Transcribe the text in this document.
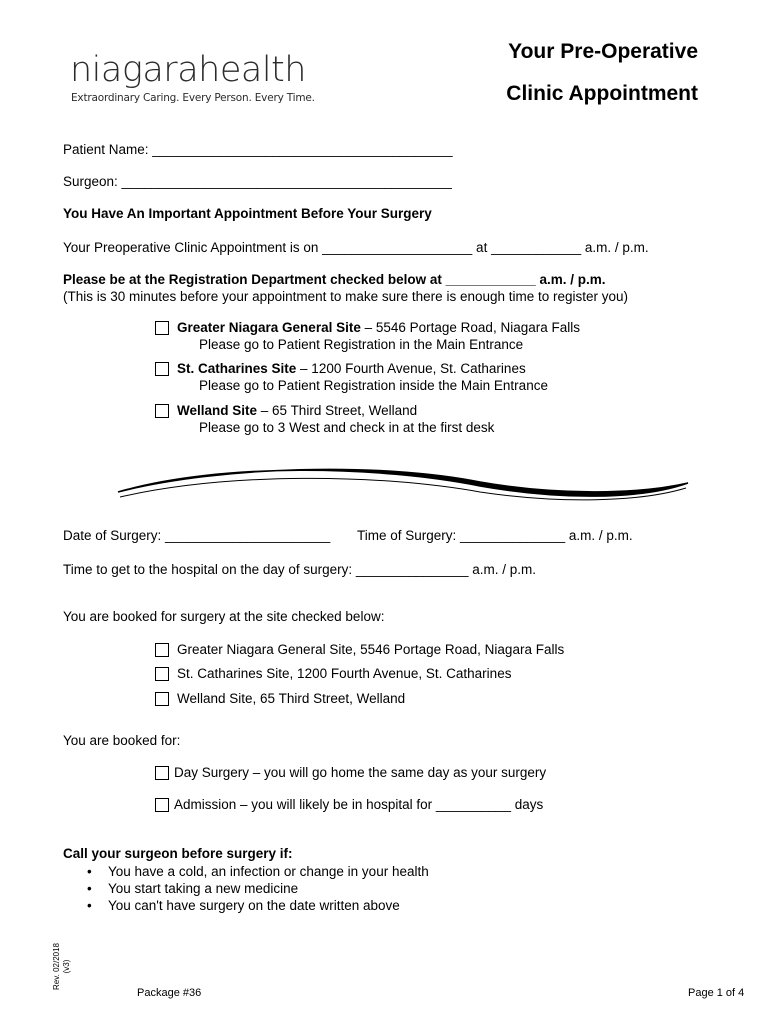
niagarahealth
Extraordinary Caring. Every Person. Every Time.
Your Pre-Operative
Clinic Appointment
Patient Name: ________________________________________
Surgeon: ____________________________________________
You Have An Important Appointment Before Your Surgery
Your Preoperative Clinic Appointment is on ____________________ at ____________ a.m. / p.m.
Please be at the Registration Department checked below at ____________ a.m. / p.m.
(This is 30 minutes before your appointment to make sure there is enough time to register you)
Greater Niagara General Site – 5546 Portage Road, Niagara Falls
Please go to Patient Registration in the Main Entrance
St. Catharines Site – 1200 Fourth Avenue, St. Catharines
Please go to Patient Registration inside the Main Entrance
Welland Site – 65 Third Street, Welland
Please go to 3 West and check in at the first desk
Date of Surgery: ______________________ Time of Surgery: ______________ a.m. / p.m.
Time to get to the hospital on the day of surgery: _______________ a.m. / p.m.
You are booked for surgery at the site checked below:
Greater Niagara General Site, 5546 Portage Road, Niagara Falls
St. Catharines Site, 1200 Fourth Avenue, St. Catharines
Welland Site, 65 Third Street, Welland
You are booked for:
Day Surgery – you will go home the same day as your surgery
Admission – you will likely be in hospital for __________ days
Call your surgeon before surgery if:
• You have a cold, an infection or change in your health
• You start taking a new medicine
• You can't have surgery on the date written above
Rev. 02/2018 (v3)
Package #36	Page 1 of 4
